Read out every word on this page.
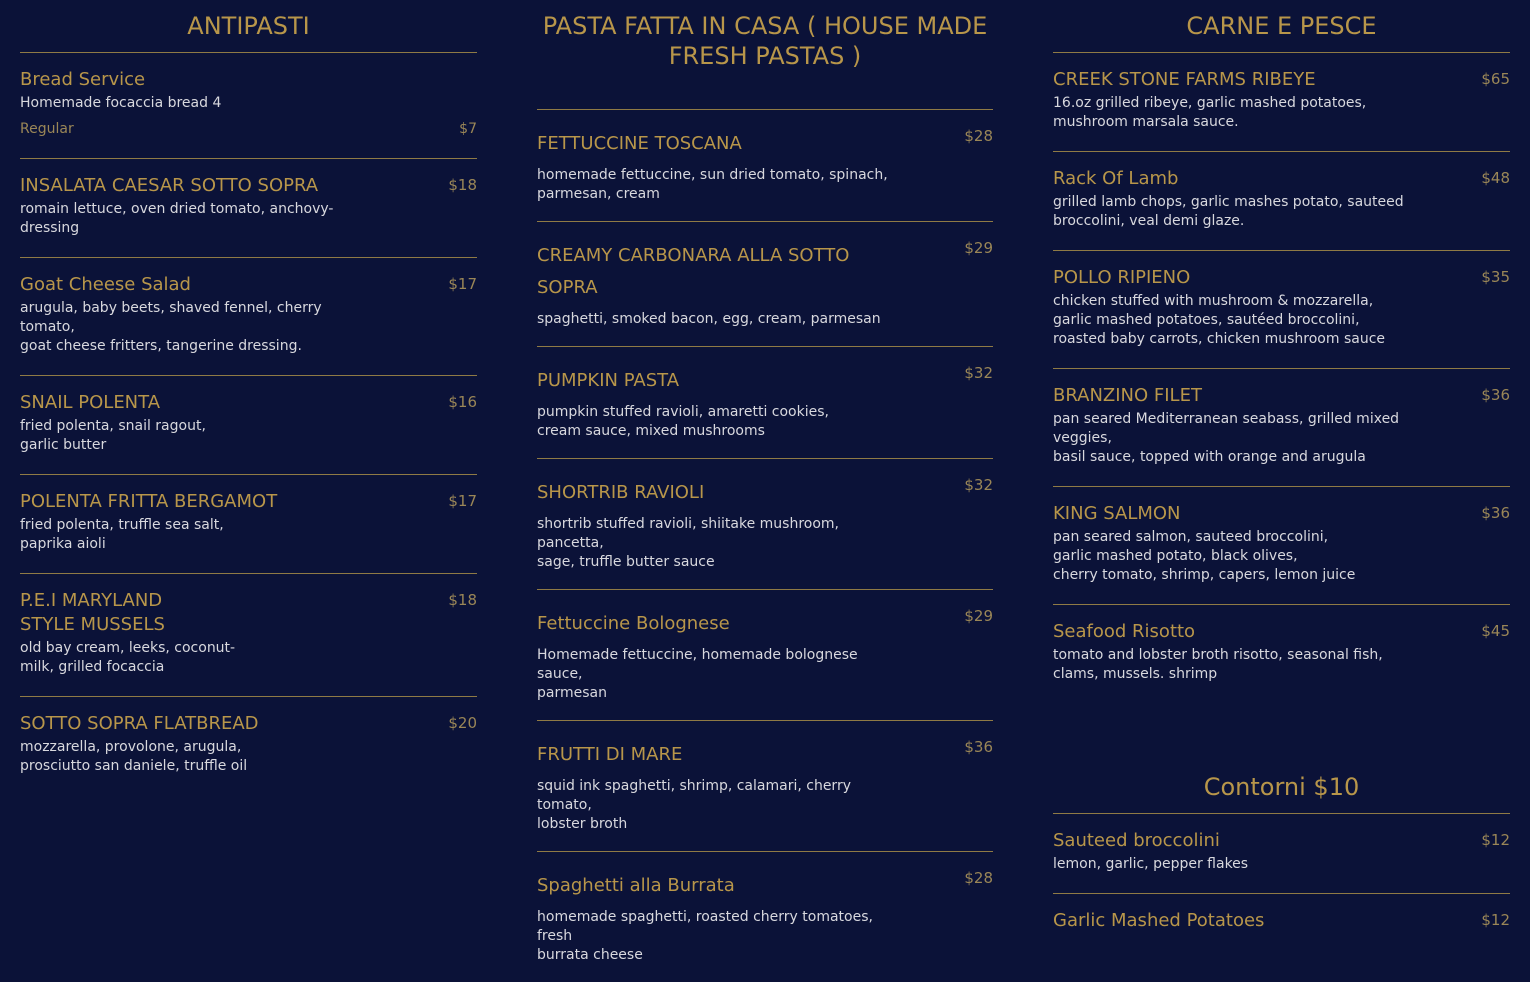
ANTIPASTI
Bread Service
Homemade focaccia bread 4
Regular	$7
INSALATA CAESAR SOTTO SOPRA	$18
romain lettuce, oven dried tomato, anchovy-
dressing
Goat Cheese Salad	$17
arugula, baby beets, shaved fennel, cherry tomato,
goat cheese fritters, tangerine dressing.
SNAIL POLENTA	$16
fried polenta, snail ragout,
garlic butter
POLENTA FRITTA BERGAMOT	$17
fried polenta, truffle sea salt,
paprika aioli
P.E.I MARYLAND
STYLE MUSSELS
$18
old bay cream, leeks, coconut-
milk, grilled focaccia
SOTTO SOPRA FLATBREAD	$20
mozzarella, provolone, arugula,
prosciutto san daniele, truffle oil
PASTA FATTA IN CASA ( HOUSE MADE FRESH PASTAS )
FETTUCCINE TOSCANA	$28
homemade fettuccine, sun dried tomato, spinach,
parmesan, cream
CREAMY CARBONARA ALLA SOTTO SOPRA
$29
spaghetti, smoked bacon, egg, cream, parmesan
PUMPKIN PASTA	$32
pumpkin stuffed ravioli, amaretti cookies,
cream sauce, mixed mushrooms
SHORTRIB RAVIOLI	$32
shortrib stuffed ravioli, shiitake mushroom, pancetta,
sage, truffle butter sauce
Fettuccine Bolognese	$29
Homemade fettuccine, homemade bolognese sauce,
parmesan
FRUTTI DI MARE	$36
squid ink spaghetti, shrimp, calamari, cherry tomato,
lobster broth
Spaghetti alla Burrata	$28
homemade spaghetti, roasted cherry tomatoes, fresh
burrata cheese
CARNE E PESCE
CREEK STONE FARMS RIBEYE	$65
16.oz grilled ribeye, garlic mashed potatoes,
mushroom marsala sauce.
Rack Of Lamb	$48
grilled lamb chops, garlic mashes potato, sauteed
broccolini, veal demi glaze.
POLLO RIPIENO	$35
chicken stuffed with mushroom & mozzarella,
garlic mashed potatoes, sautéed broccolini,
roasted baby carrots, chicken mushroom sauce
BRANZINO FILET	$36
pan seared Mediterranean seabass, grilled mixed
veggies,
basil sauce, topped with orange and arugula
KING SALMON	$36
pan seared salmon, sauteed broccolini,
garlic mashed potato, black olives,
cherry tomato, shrimp, capers, lemon juice
Seafood Risotto	$45
tomato and lobster broth risotto, seasonal fish,
clams, mussels. shrimp
Contorni $10
Sauteed broccolini	$12
lemon, garlic, pepper flakes
Garlic Mashed Potatoes	$12
